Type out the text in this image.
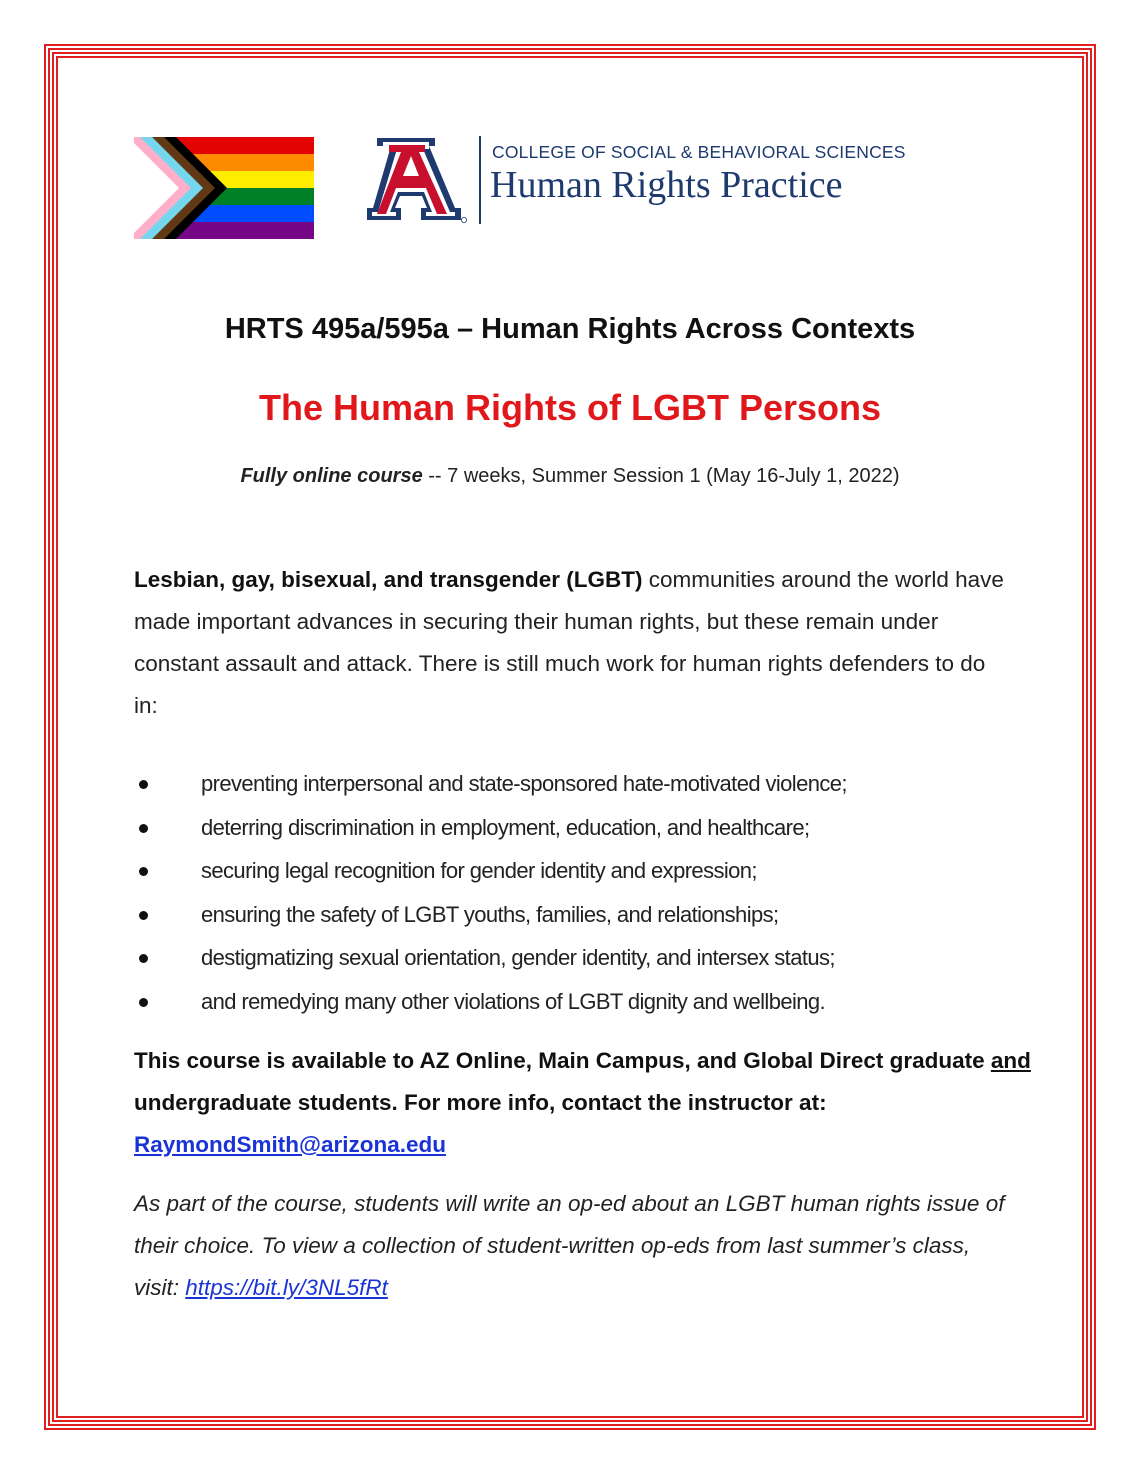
COLLEGE OF SOCIAL & BEHAVIORAL SCIENCES
Human Rights Practice
HRTS 495a/595a – Human Rights Across Contexts
The Human Rights of LGBT Persons
Fully online course -- 7 weeks, Summer Session 1 (May 16-July 1, 2022)
Lesbian, gay, bisexual, and transgender (LGBT) communities around the world have made important advances in securing their human rights, but these remain under constant assault and attack. There is still much work for human rights defenders to do in:
preventing interpersonal and state-sponsored hate-motivated violence;
deterring discrimination in employment, education, and healthcare;
securing legal recognition for gender identity and expression;
ensuring the safety of LGBT youths, families, and relationships;
destigmatizing sexual orientation, gender identity, and intersex status;
and remedying many other violations of LGBT dignity and wellbeing.
This course is available to AZ Online, Main Campus, and Global Direct graduate and undergraduate students. For more info, contact the instructor at: RaymondSmith@arizona.edu
As part of the course, students will write an op-ed about an LGBT human rights issue of their choice. To view a collection of student-written op-eds from last summer’s class, visit: https://bit.ly/3NL5fRt
